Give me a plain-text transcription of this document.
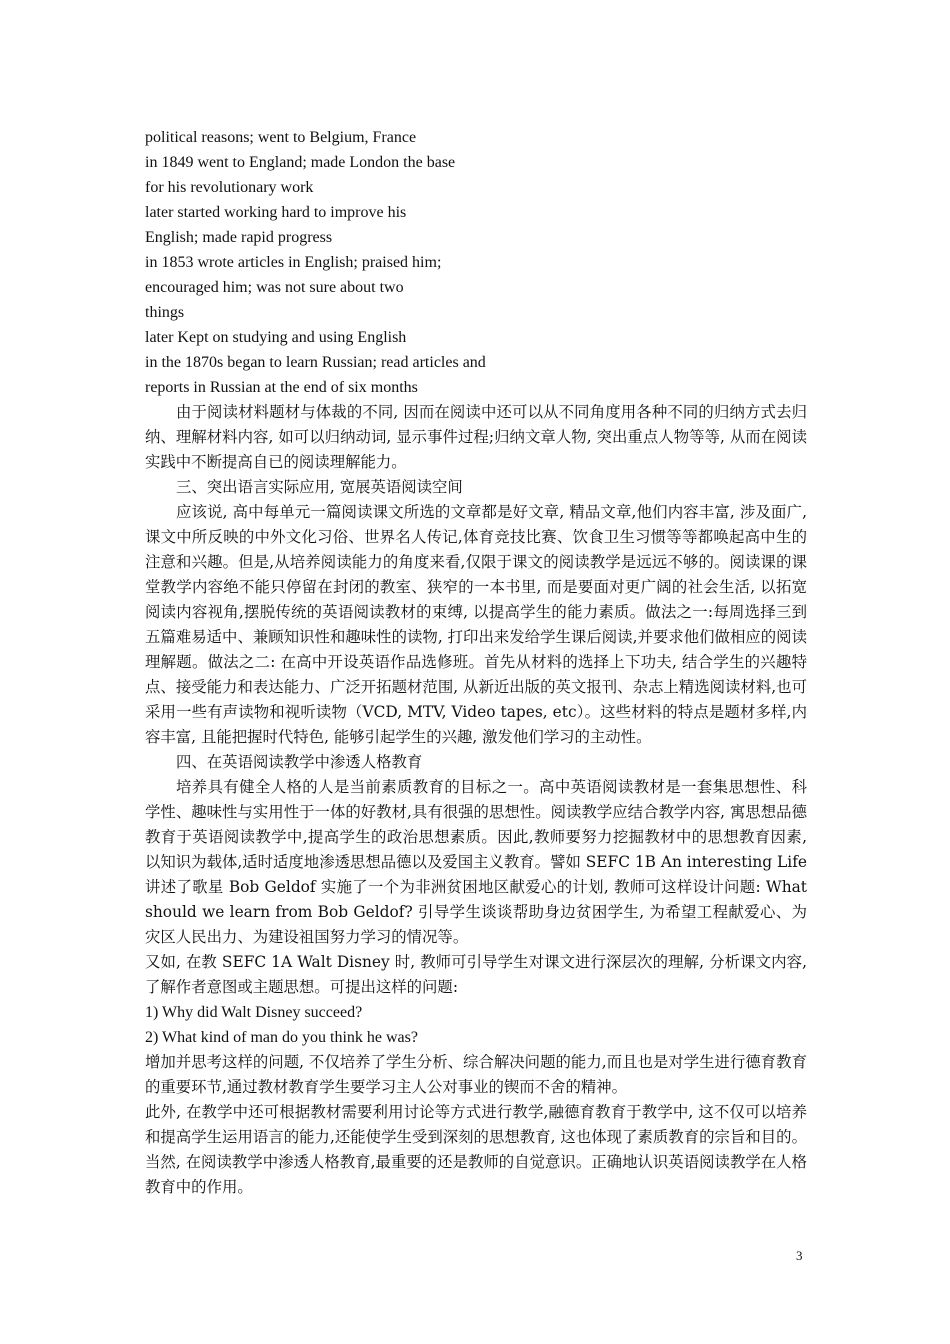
political reasons; went to Belgium, France
in 1849 went to England; made London the base
for his revolutionary work
later started working hard to improve his
English; made rapid progress
in 1853 wrote articles in English; praised him;
encouraged him; was not sure about two
things
later Kept on studying and using English
in the 1870s began to learn Russian; read articles and
reports in Russian at the end of six months

由于阅读材料题材与体裁的不同, 因而在阅读中还可以从不同角度用各种不同的归纳方式去归纳、理解材料内容, 如可以归纳动词, 显示事件过程;归纳文章人物, 突出重点人物等等, 从而在阅读实践中不断提高自已的阅读理解能力。

三、突出语言实际应用, 宽展英语阅读空间

应该说, 高中每单元一篇阅读课文所选的文章都是好文章, 精品文章,他们内容丰富, 涉及面广, 课文中所反映的中外文化习俗、世界名人传记,体育竞技比赛、饮食卫生习惯等等都唤起高中生的注意和兴趣。但是,从培养阅读能力的角度来看,仅限于课文的阅读教学是远远不够的。阅读课的课堂教学内容绝不能只停留在封闭的教室、狭窄的一本书里, 而是要面对更广阔的社会生活, 以拓宽阅读内容视角,摆脱传统的英语阅读教材的束缚, 以提高学生的能力素质。做法之一:每周选择三到五篇难易适中、兼顾知识性和趣味性的读物, 打印出来发给学生课后阅读,并要求他们做相应的阅读理解题。做法之二: 在高中开设英语作品选修班。首先从材料的选择上下功夫, 结合学生的兴趣特点、接受能力和表达能力、广泛开拓题材范围, 从新近出版的英文报刊、杂志上精选阅读材料,也可采用一些有声读物和视听读物（VCD, MTV, Video tapes, etc）。这些材料的特点是题材多样,内容丰富, 且能把握时代特色, 能够引起学生的兴趣, 激发他们学习的主动性。

四、在英语阅读教学中渗透人格教育

培养具有健全人格的人是当前素质教育的目标之一。高中英语阅读教材是一套集思想性、科学性、趣味性与实用性于一体的好教材,具有很强的思想性。阅读教学应结合教学内容, 寓思想品德教育于英语阅读教学中,提高学生的政治思想素质。因此,教师要努力挖掘教材中的思想教育因素, 以知识为载体,适时适度地渗透思想品德以及爱国主义教育。譬如 SEFC 1B An interesting Life 讲述了歌星 Bob Geldof 实施了一个为非洲贫困地区献爱心的计划, 教师可这样设计问题: What should we learn from Bob Geldof? 引导学生谈谈帮助身边贫困学生, 为希望工程献爱心、为灾区人民出力、为建设祖国努力学习的情况等。

又如, 在教 SEFC 1A Walt Disney 时, 教师可引导学生对课文进行深层次的理解, 分析课文内容, 了解作者意图或主题思想。可提出这样的问题:

1) Why did Walt Disney succeed?
2) What kind of man do you think he was?

增加并思考这样的问题, 不仅培养了学生分析、综合解决问题的能力,而且也是对学生进行德育教育的重要环节,通过教材教育学生要学习主人公对事业的锲而不舍的精神。

此外, 在教学中还可根据教材需要利用讨论等方式进行教学,融德育教育于教学中, 这不仅可以培养和提高学生运用语言的能力,还能使学生受到深刻的思想教育, 这也体现了素质教育的宗旨和目的。当然, 在阅读教学中渗透人格教育,最重要的还是教师的自觉意识。正确地认识英语阅读教学在人格教育中的作用。

3
